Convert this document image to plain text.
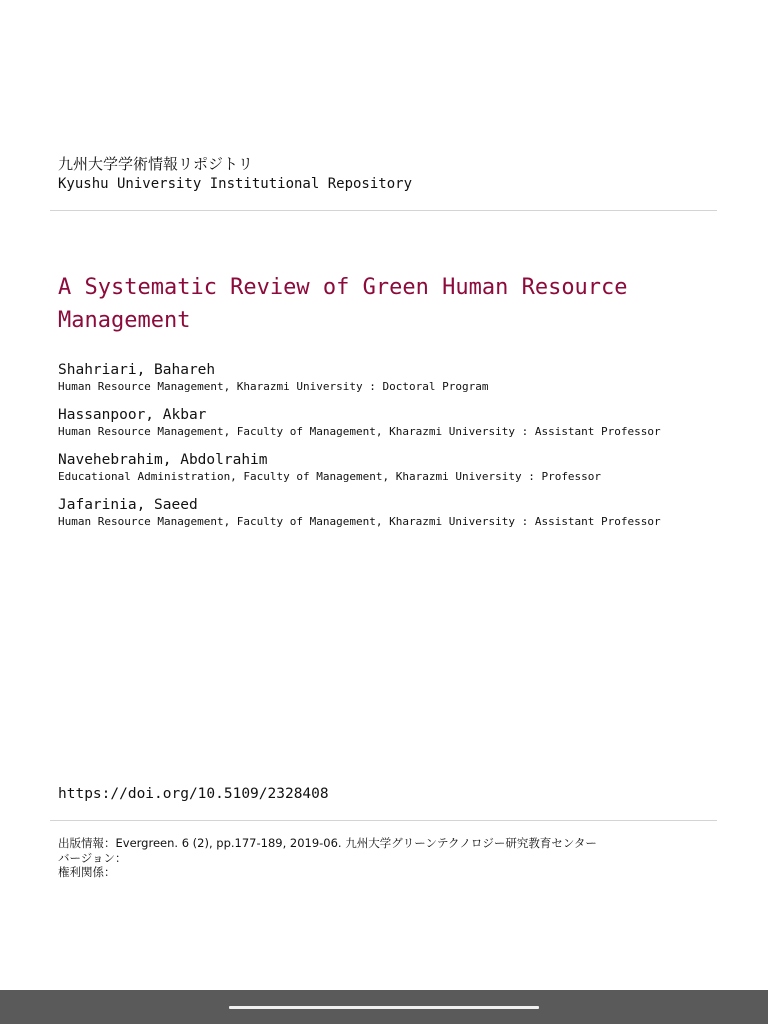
九州大学学術情報リポジトリ
Kyushu University Institutional Repository
A Systematic Review of Green Human Resource Management
Shahriari, Bahareh
Human Resource Management, Kharazmi University : Doctoral Program
Hassanpoor, Akbar
Human Resource Management, Faculty of Management, Kharazmi University : Assistant Professor
Navehebrahim, Abdolrahim
Educational Administration, Faculty of Management, Kharazmi University : Professor
Jafarinia, Saeed
Human Resource Management, Faculty of Management, Kharazmi University : Assistant Professor
https://doi.org/10.5109/2328408
出版情報：Evergreen. 6 (2), pp.177-189, 2019-06. 九州大学グリーンテクノロジー研究教育センター
バージョン：
権利関係：
